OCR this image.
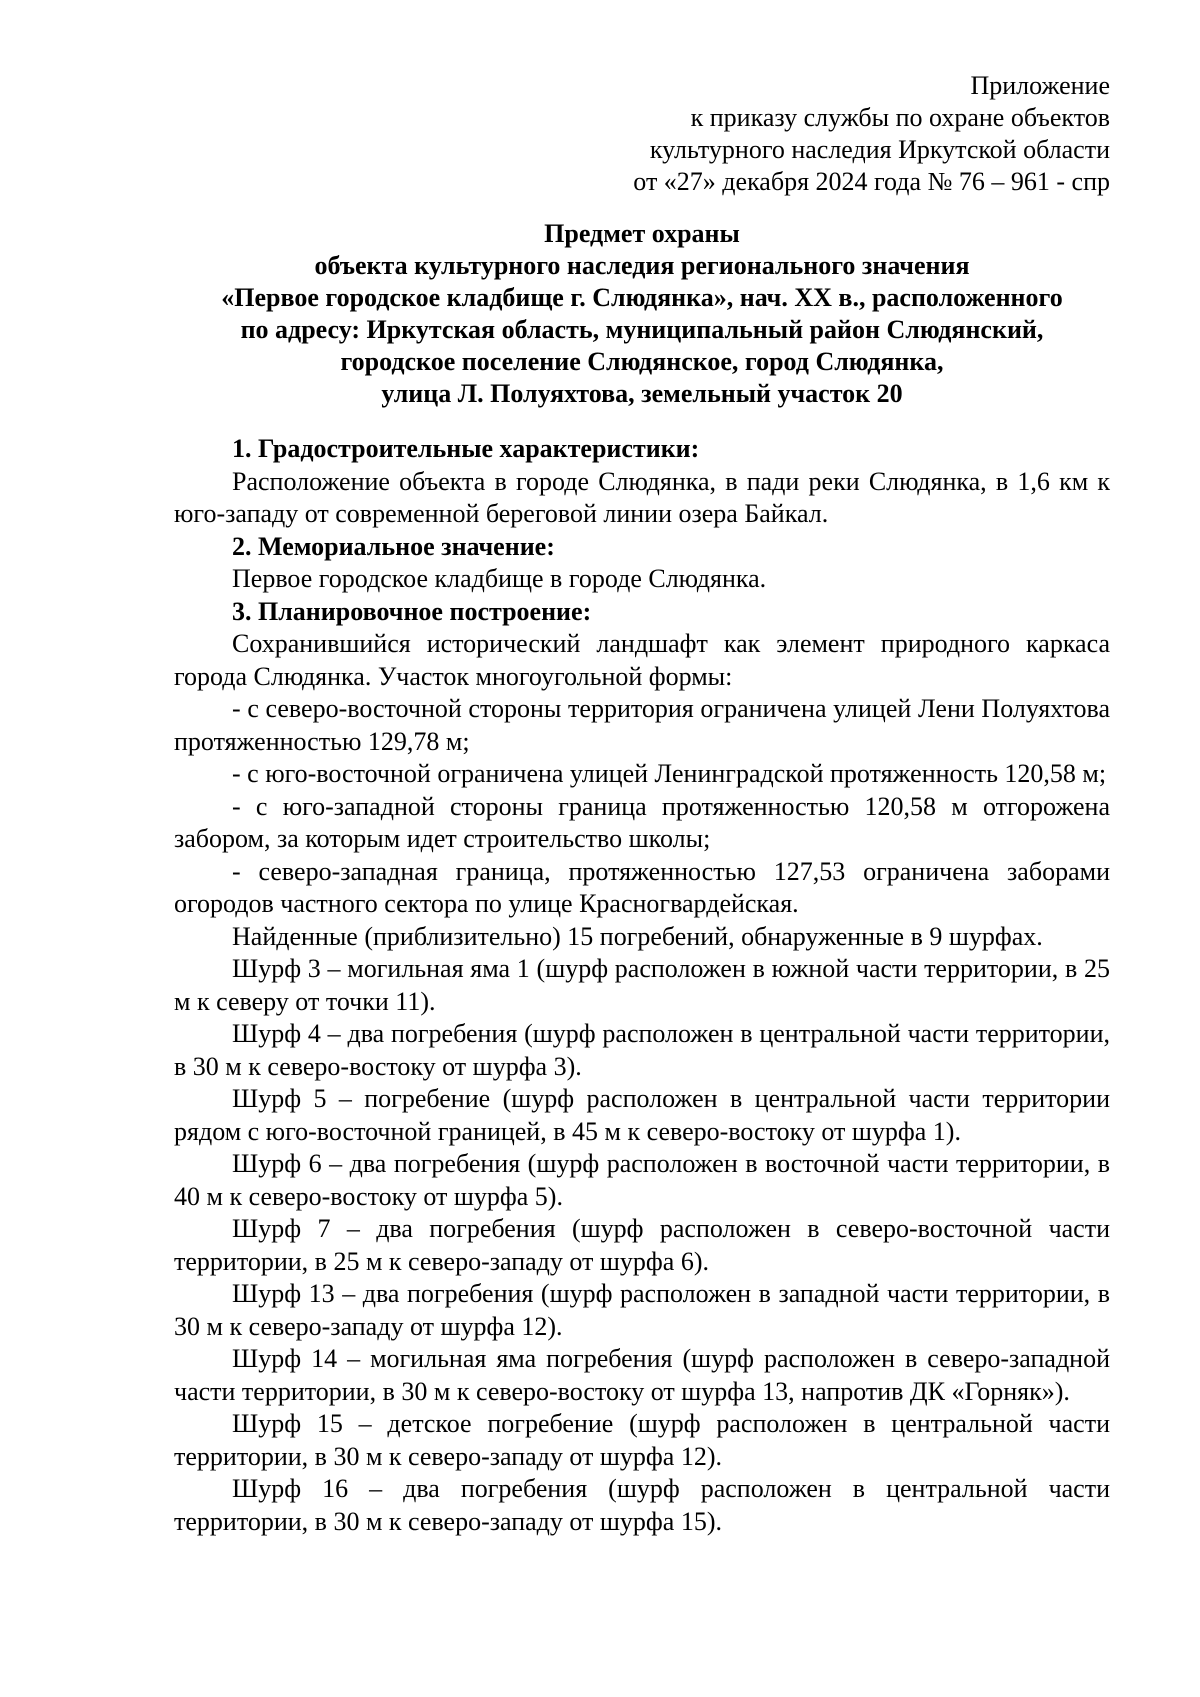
Приложение
к приказу службы по охране объектов
культурного наследия Иркутской области
от «27» декабря 2024 года № 76 – 961 - спр
Предмет охраны
объекта культурного наследия регионального значения
«Первое городское кладбище г. Слюдянка», нач. XX в., расположенного
по адресу: Иркутская область, муниципальный район Слюдянский,
городское поселение Слюдянское, город Слюдянка,
улица Л. Полуяхтова, земельный участок 20
1. Градостроительные характеристики:
Расположение объекта в городе Слюдянка, в пади реки Слюдянка, в 1,6 км к юго-западу от современной береговой линии озера Байкал.
2. Мемориальное значение:
Первое городское кладбище в городе Слюдянка.
3. Планировочное построение:
Сохранившийся исторический ландшафт как элемент природного каркаса города Слюдянка. Участок многоугольной формы:
- с северо-восточной стороны территория ограничена улицей Лени Полуяхтова протяженностью 129,78 м;
- с юго-восточной ограничена улицей Ленинградской протяженность 120,58 м;
- с юго-западной стороны граница протяженностью 120,58 м отгорожена забором, за которым идет строительство школы;
- северо-западная граница, протяженностью 127,53 ограничена заборами огородов частного сектора по улице Красногвардейская.
Найденные (приблизительно) 15 погребений, обнаруженные в 9 шурфах.
Шурф 3 – могильная яма 1 (шурф расположен в южной части территории, в 25 м к северу от точки 11).
Шурф 4 – два погребения (шурф расположен в центральной части территории, в 30 м к северо-востоку от шурфа 3).
Шурф 5 – погребение (шурф расположен в центральной части территории рядом с юго-восточной границей, в 45 м к северо-востоку от шурфа 1).
Шурф 6 – два погребения (шурф расположен в восточной части территории, в 40 м к северо-востоку от шурфа 5).
Шурф 7 – два погребения (шурф расположен в северо-восточной части территории, в 25 м к северо-западу от шурфа 6).
Шурф 13 – два погребения (шурф расположен в западной части территории, в 30 м к северо-западу от шурфа 12).
Шурф 14 – могильная яма погребения (шурф расположен в северо-западной части территории, в 30 м к северо-востоку от шурфа 13, напротив ДК «Горняк»).
Шурф 15 – детское погребение (шурф расположен в центральной части территории, в 30 м к северо-западу от шурфа 12).
Шурф 16 – два погребения (шурф расположен в центральной части территории, в 30 м к северо-западу от шурфа 15).
